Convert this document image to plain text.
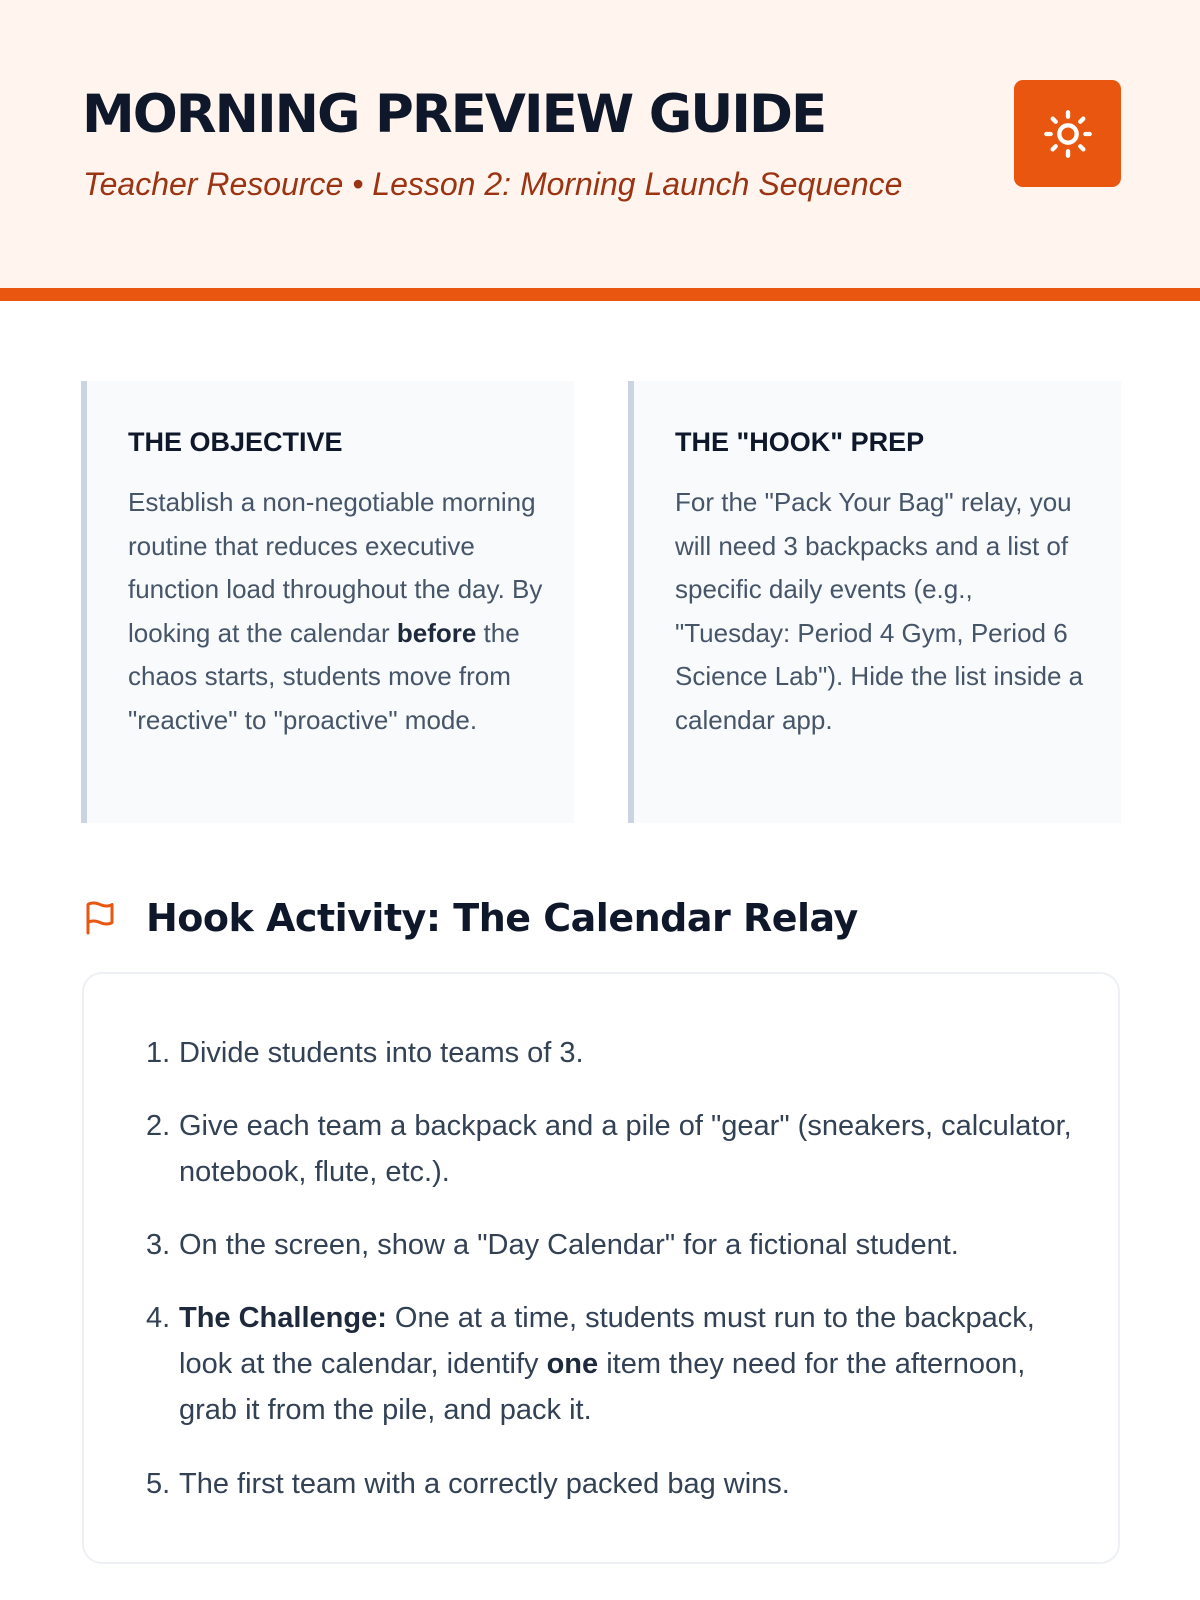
MORNING PREVIEW GUIDE
Teacher Resource • Lesson 2: Morning Launch Sequence
THE OBJECTIVE

Establish a non-negotiable morning routine that reduces executive function load throughout the day. By looking at the calendar before the chaos starts, students move from "reactive" to "proactive" mode.

THE "HOOK" PREP

For the "Pack Your Bag" relay, you will need 3 backpacks and a list of specific daily events (e.g., "Tuesday: Period 4 Gym, Period 6 Science Lab"). Hide the list inside a calendar app.

Hook Activity: The Calendar Relay
1. Divide students into teams of 3.
2. Give each team a backpack and a pile of "gear" (sneakers, calculator, notebook, flute, etc.).
3. On the screen, show a "Day Calendar" for a fictional student.
4. The Challenge: One at a time, students must run to the backpack, look at the calendar, identify one item they need for the afternoon, grab it from the pile, and pack it.
5. The first team with a correctly packed bag wins.
